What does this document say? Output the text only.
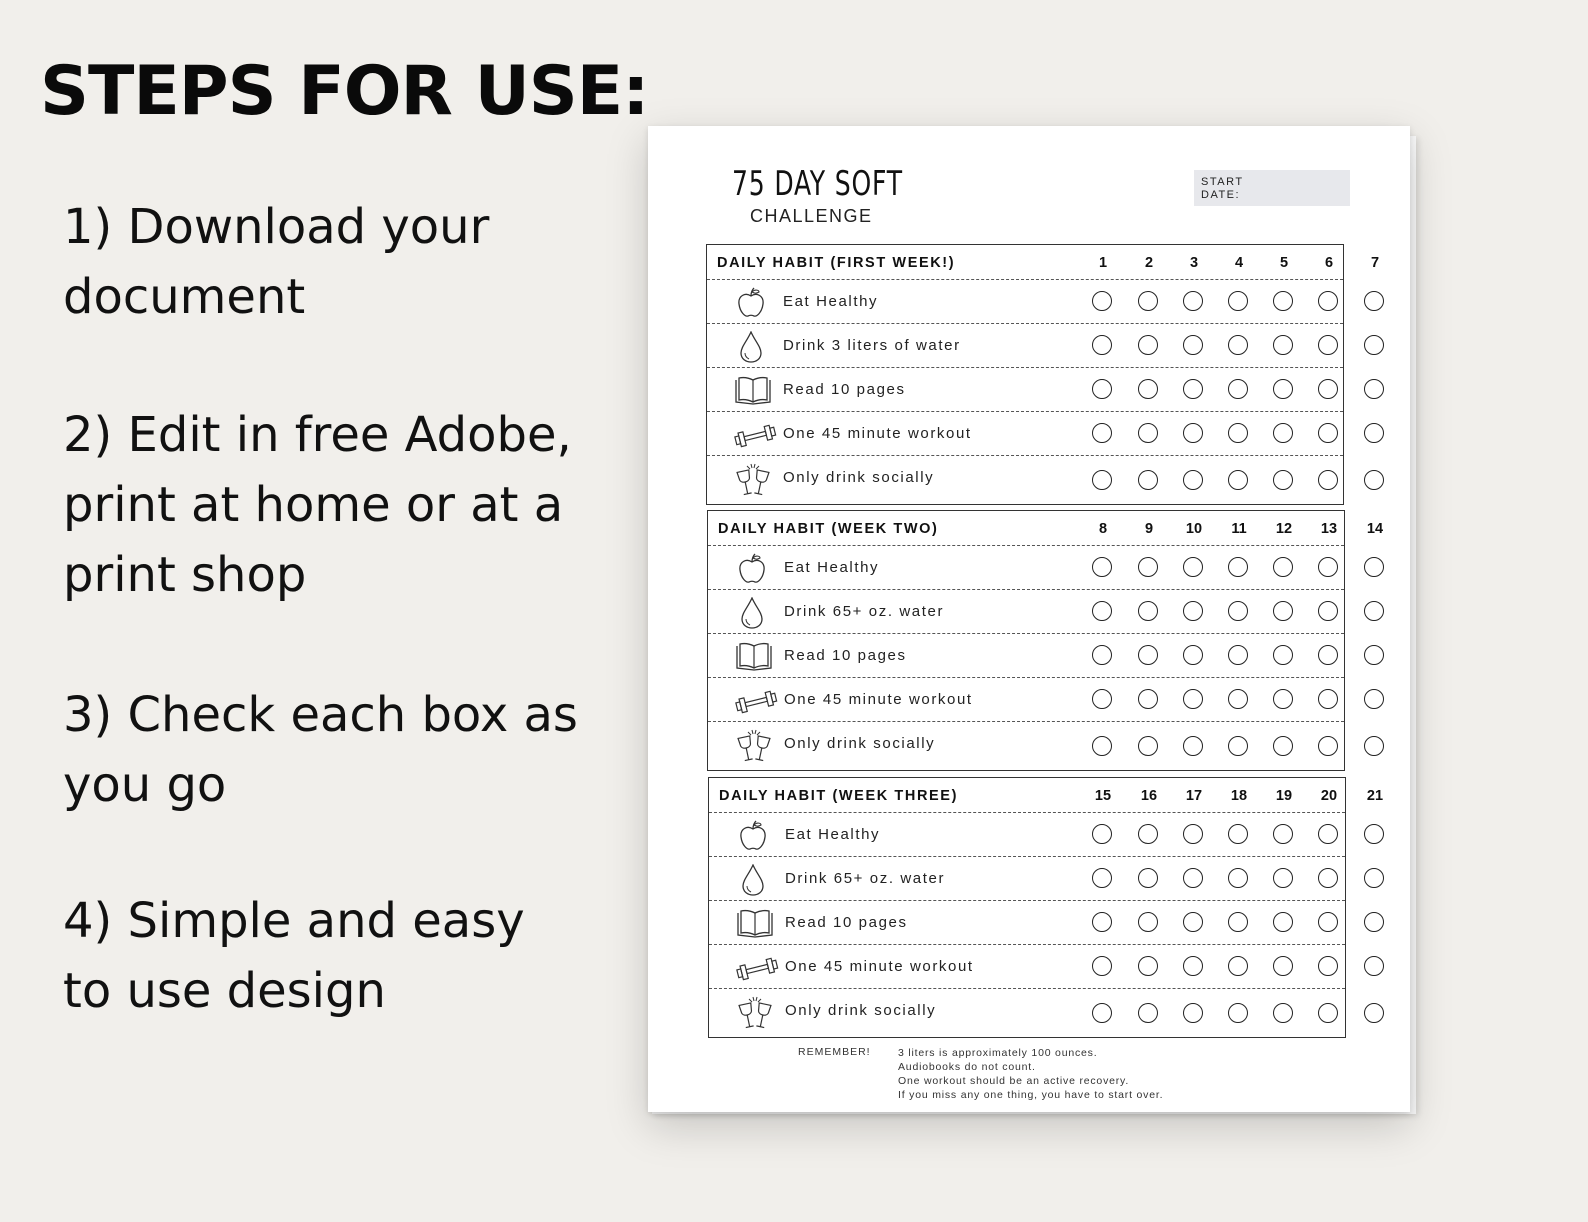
STEPS FOR USE:

1) Download your document

2) Edit in free Adobe, print at home or at a print shop

3) Check each box as you go

4) Simple and easy to use design

75 DAY SOFT
CHALLENGE
START
DATE:
REMEMBER!	3 liters is approximately 100 ounces.
Audiobooks do not count.
One workout should be an active recovery.
If you miss any one thing, you have to start over.
DAILY HABIT (FIRST WEEK!)	1	2	3	4	5	6	7
Eat Healthy
Drink 3 liters of water
Read 10 pages
One 45 minute workout
Only drink socially
DAILY HABIT (WEEK TWO)	8	9	10	11	12	13	14
Eat Healthy
Drink 65+ oz. water
Read 10 pages
One 45 minute workout
Only drink socially
DAILY HABIT (WEEK THREE)	15	16	17	18	19	20	21
Eat Healthy
Drink 65+ oz. water
Read 10 pages
One 45 minute workout
Only drink socially
